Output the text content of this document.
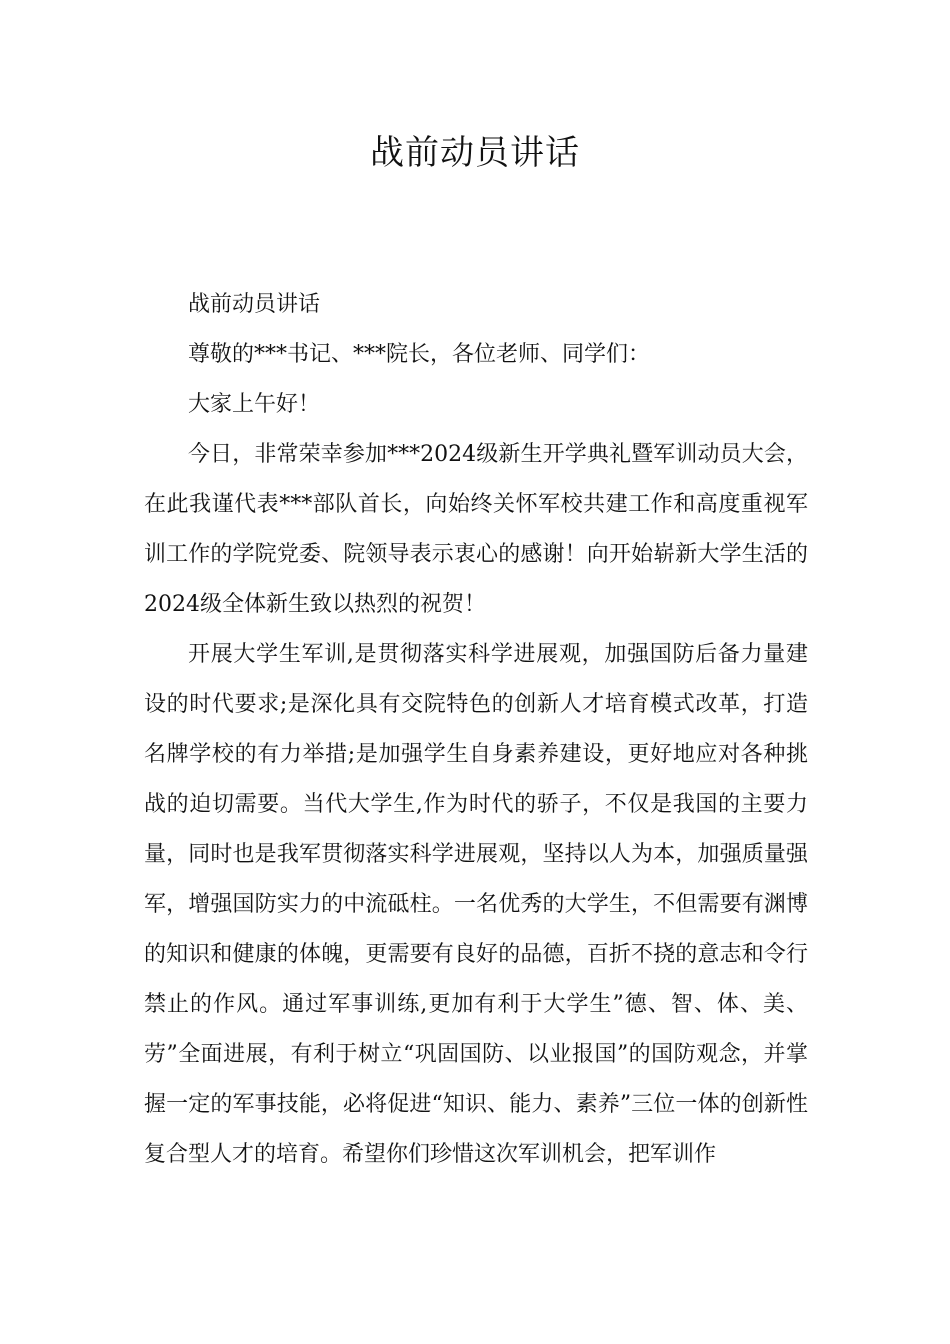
战前动员讲话

战前动员讲话

尊敬的***书记、***院长，各位老师、同学们：

大家上午好！

今日，非常荣幸参加***2024级新生开学典礼暨军训动员大会，在此我谨代表***部队首长，向始终关怀军校共建工作和高度重视军训工作的学院党委、院领导表示衷心的感谢！向开始崭新大学生活的2024级全体新生致以热烈的祝贺！

开展大学生军训,是贯彻落实科学进展观，加强国防后备力量建设的时代要求;是深化具有交院特色的创新人才培育模式改革，打造名牌学校的有力举措;是加强学生自身素养建设，更好地应对各种挑战的迫切需要。当代大学生,作为时代的骄子，不仅是我国的主要力量，同时也是我军贯彻落实科学进展观，坚持以人为本，加强质量强军，增强国防实力的中流砥柱。一名优秀的大学生，不但需要有渊博的知识和健康的体魄，更需要有良好的品德，百折不挠的意志和令行禁止的作风。通过军事训练,更加有利于大学生”德、智、体、美、劳”全面进展，有利于树立“巩固国防、以业报国”的国防观念，并掌握一定的军事技能，必将促进“知识、能力、素养”三位一体的创新性复合型人才的培育。希望你们珍惜这次军训机会，把军训作
